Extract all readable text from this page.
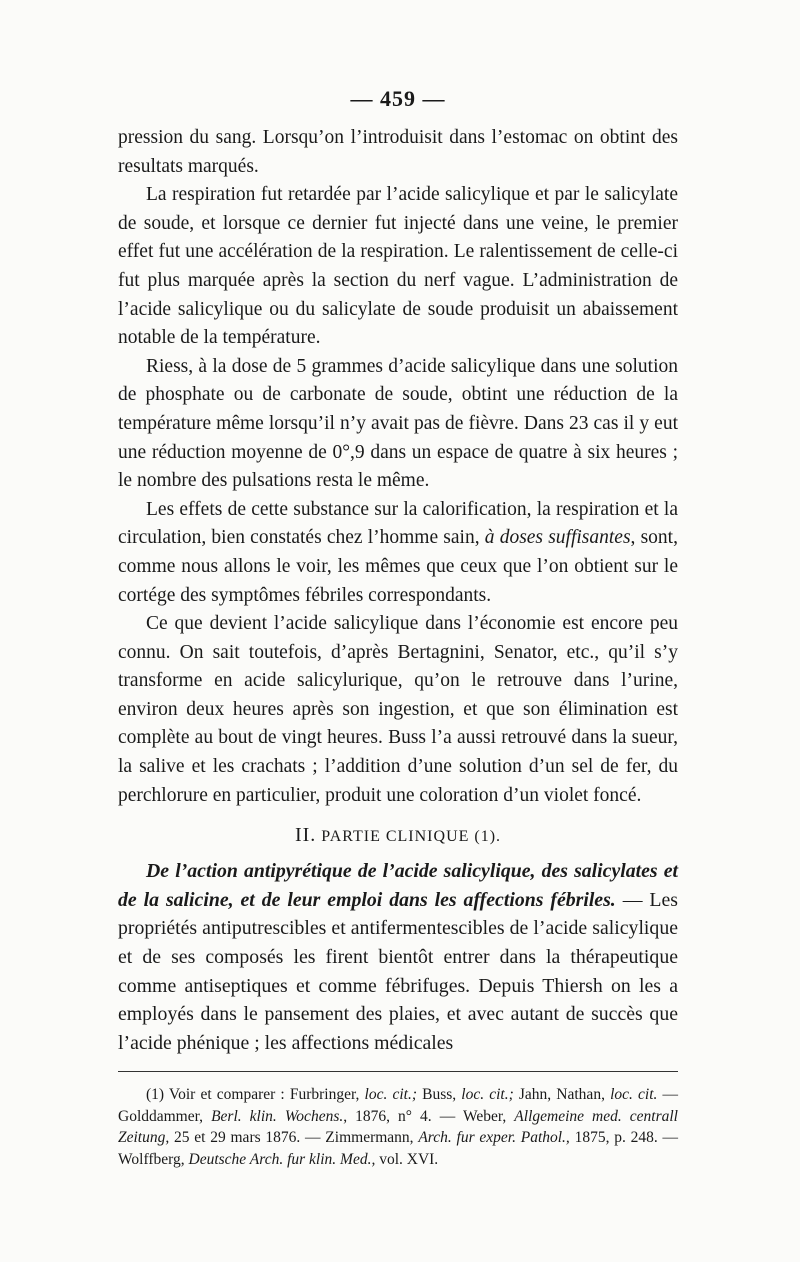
— 459 —

pression du sang. Lorsqu’on l’introduisit dans l’estomac on obtint des resultats marqués.

La respiration fut retardée par l’acide salicylique et par le salicylate de soude, et lorsque ce dernier fut injecté dans une veine, le premier effet fut une accélération de la respiration. Le ralentissement de celle-ci fut plus marquée après la section du nerf vague. L’administration de l’acide salicylique ou du salicylate de soude produisit un abaissement notable de la température.

Riess, à la dose de 5 grammes d’acide salicylique dans une solution de phosphate ou de carbonate de soude, obtint une réduction de la température même lorsqu’il n’y avait pas de fièvre. Dans 23 cas il y eut une réduction moyenne de 0°,9 dans un espace de quatre à six heures ; le nombre des pulsations resta le même.

Les effets de cette substance sur la calorification, la respiration et la circulation, bien constatés chez l’homme sain, à doses suffisantes, sont, comme nous allons le voir, les mêmes que ceux que l’on obtient sur le cortége des symptômes fébriles correspondants.

Ce que devient l’acide salicylique dans l’économie est encore peu connu. On sait toutefois, d’après Bertagnini, Senator, etc., qu’il s’y transforme en acide salicylurique, qu’on le retrouve dans l’urine, environ deux heures après son ingestion, et que son élimination est complète au bout de vingt heures. Buss l’a aussi retrouvé dans la sueur, la salive et les crachats ; l’addition d’une solution d’un sel de fer, du perchlorure en particulier, produit une coloration d’un violet foncé.

II. PARTIE CLINIQUE (1).

De l’action antipyrétique de l’acide salicylique, des salicylates et de la salicine, et de leur emploi dans les affections fébriles. — Les propriétés antiputrescibles et antifermentescibles de l’acide salicylique et de ses composés les firent bientôt entrer dans la thérapeutique comme antiseptiques et comme fébrifuges. Depuis Thiersh on les a employés dans le pansement des plaies, et avec autant de succès que l’acide phénique ; les affections médicales

(1) Voir et comparer : Furbringer, loc. cit.; Buss, loc. cit.; Jahn, Nathan, loc. cit. — Golddammer, Berl. klin. Wochens., 1876, n° 4. — Weber, Allgemeine med. centrall Zeitung, 25 et 29 mars 1876. — Zimmermann, Arch. fur exper. Pathol., 1875, p. 248. — Wolffberg, Deutsche Arch. fur klin. Med., vol. XVI.
